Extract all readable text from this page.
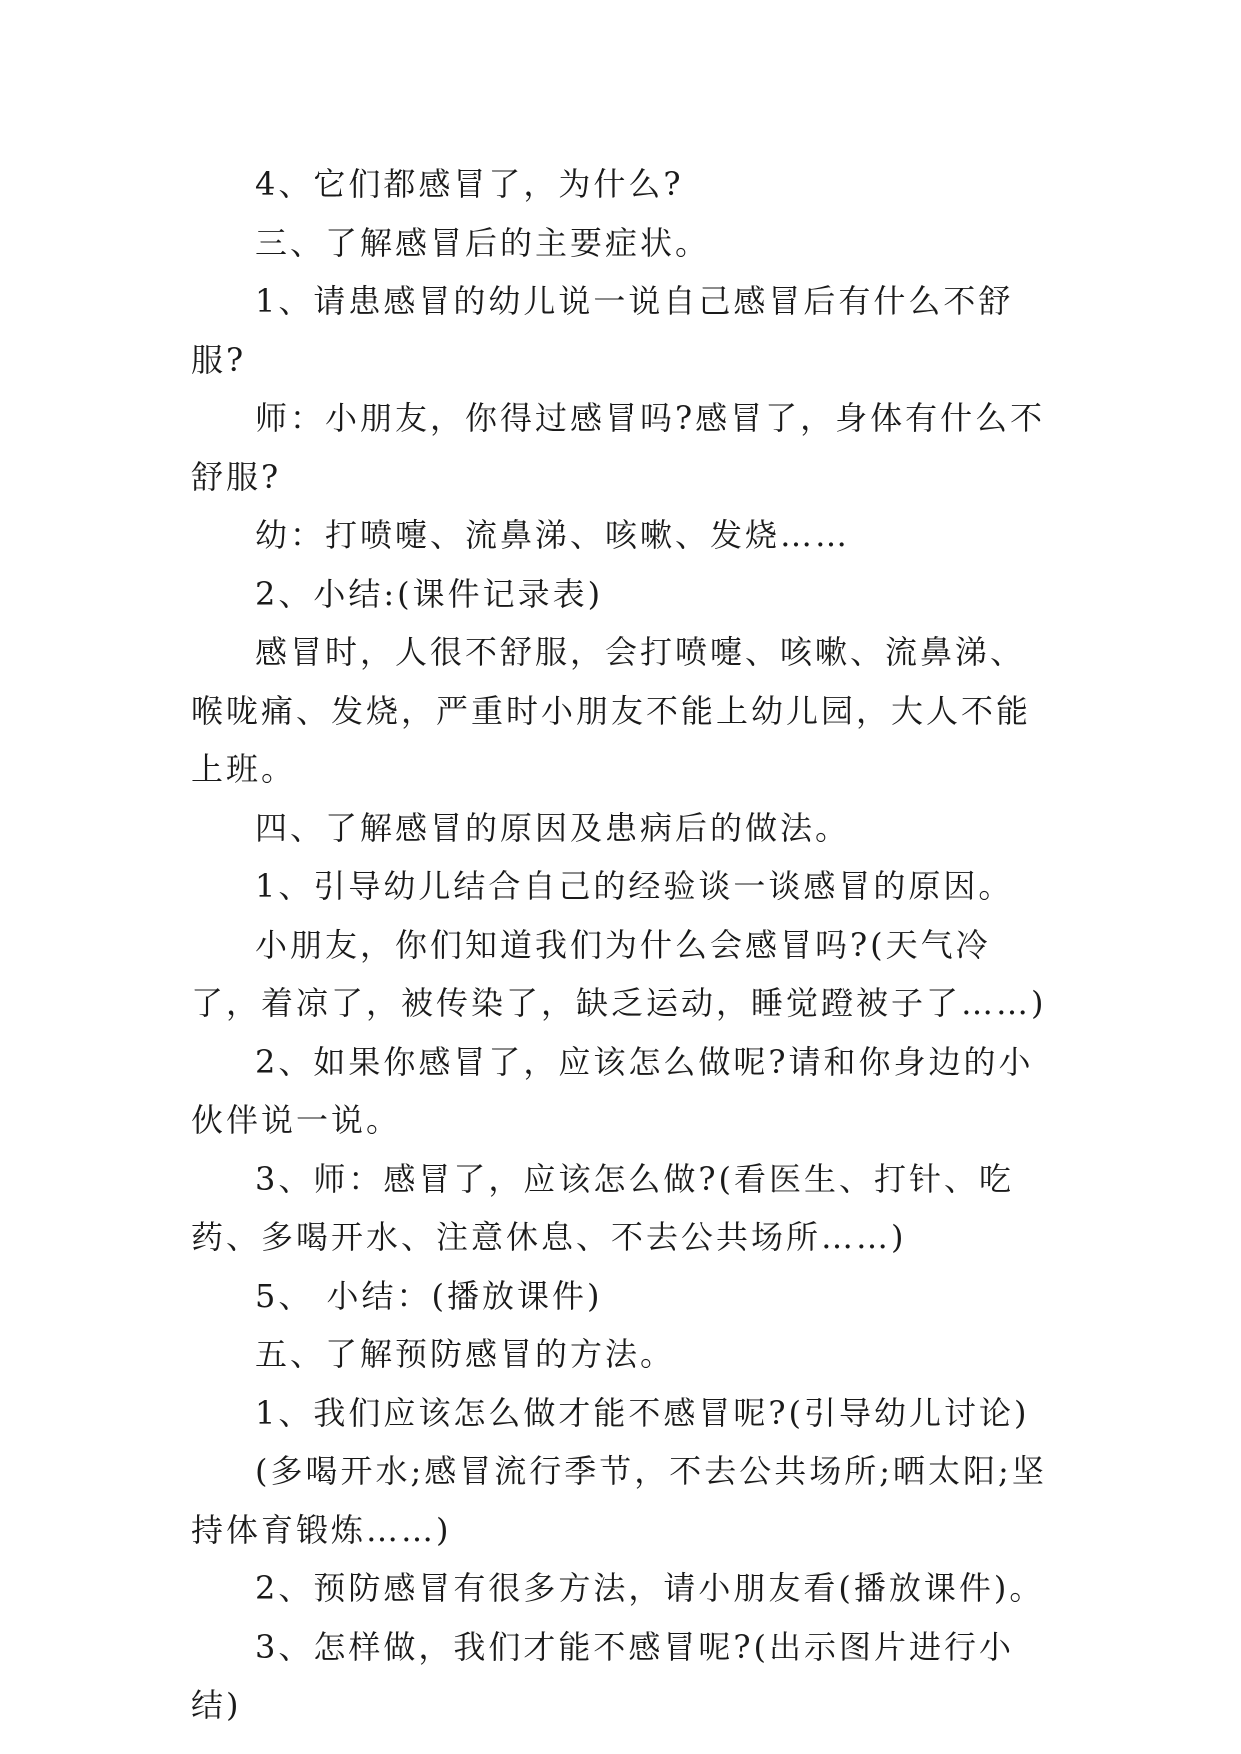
4、它们都感冒了，为什么?

三、了解感冒后的主要症状。

1、请患感冒的幼儿说一说自己感冒后有什么不舒服?

师：小朋友，你得过感冒吗?感冒了，身体有什么不舒服?

幼：打喷嚏、流鼻涕、咳嗽、发烧……

2、小结:(课件记录表)

感冒时，人很不舒服，会打喷嚏、咳嗽、流鼻涕、喉咙痛、发烧，严重时小朋友不能上幼儿园，大人不能上班。

四、了解感冒的原因及患病后的做法。

1、引导幼儿结合自己的经验谈一谈感冒的原因。

小朋友，你们知道我们为什么会感冒吗?(天气冷了，着凉了，被传染了，缺乏运动，睡觉蹬被子了……)

2、如果你感冒了，应该怎么做呢?请和你身边的小伙伴说一说。

3、师：感冒了，应该怎么做?(看医生、打针、吃药、多喝开水、注意休息、不去公共场所……)

5、 小结：(播放课件)

五、了解预防感冒的方法。

1、我们应该怎么做才能不感冒呢?(引导幼儿讨论)

(多喝开水;感冒流行季节，不去公共场所;晒太阳;坚持体育锻炼……)

2、预防感冒有很多方法，请小朋友看(播放课件)。

3、怎样做，我们才能不感冒呢?(出示图片进行小结)
